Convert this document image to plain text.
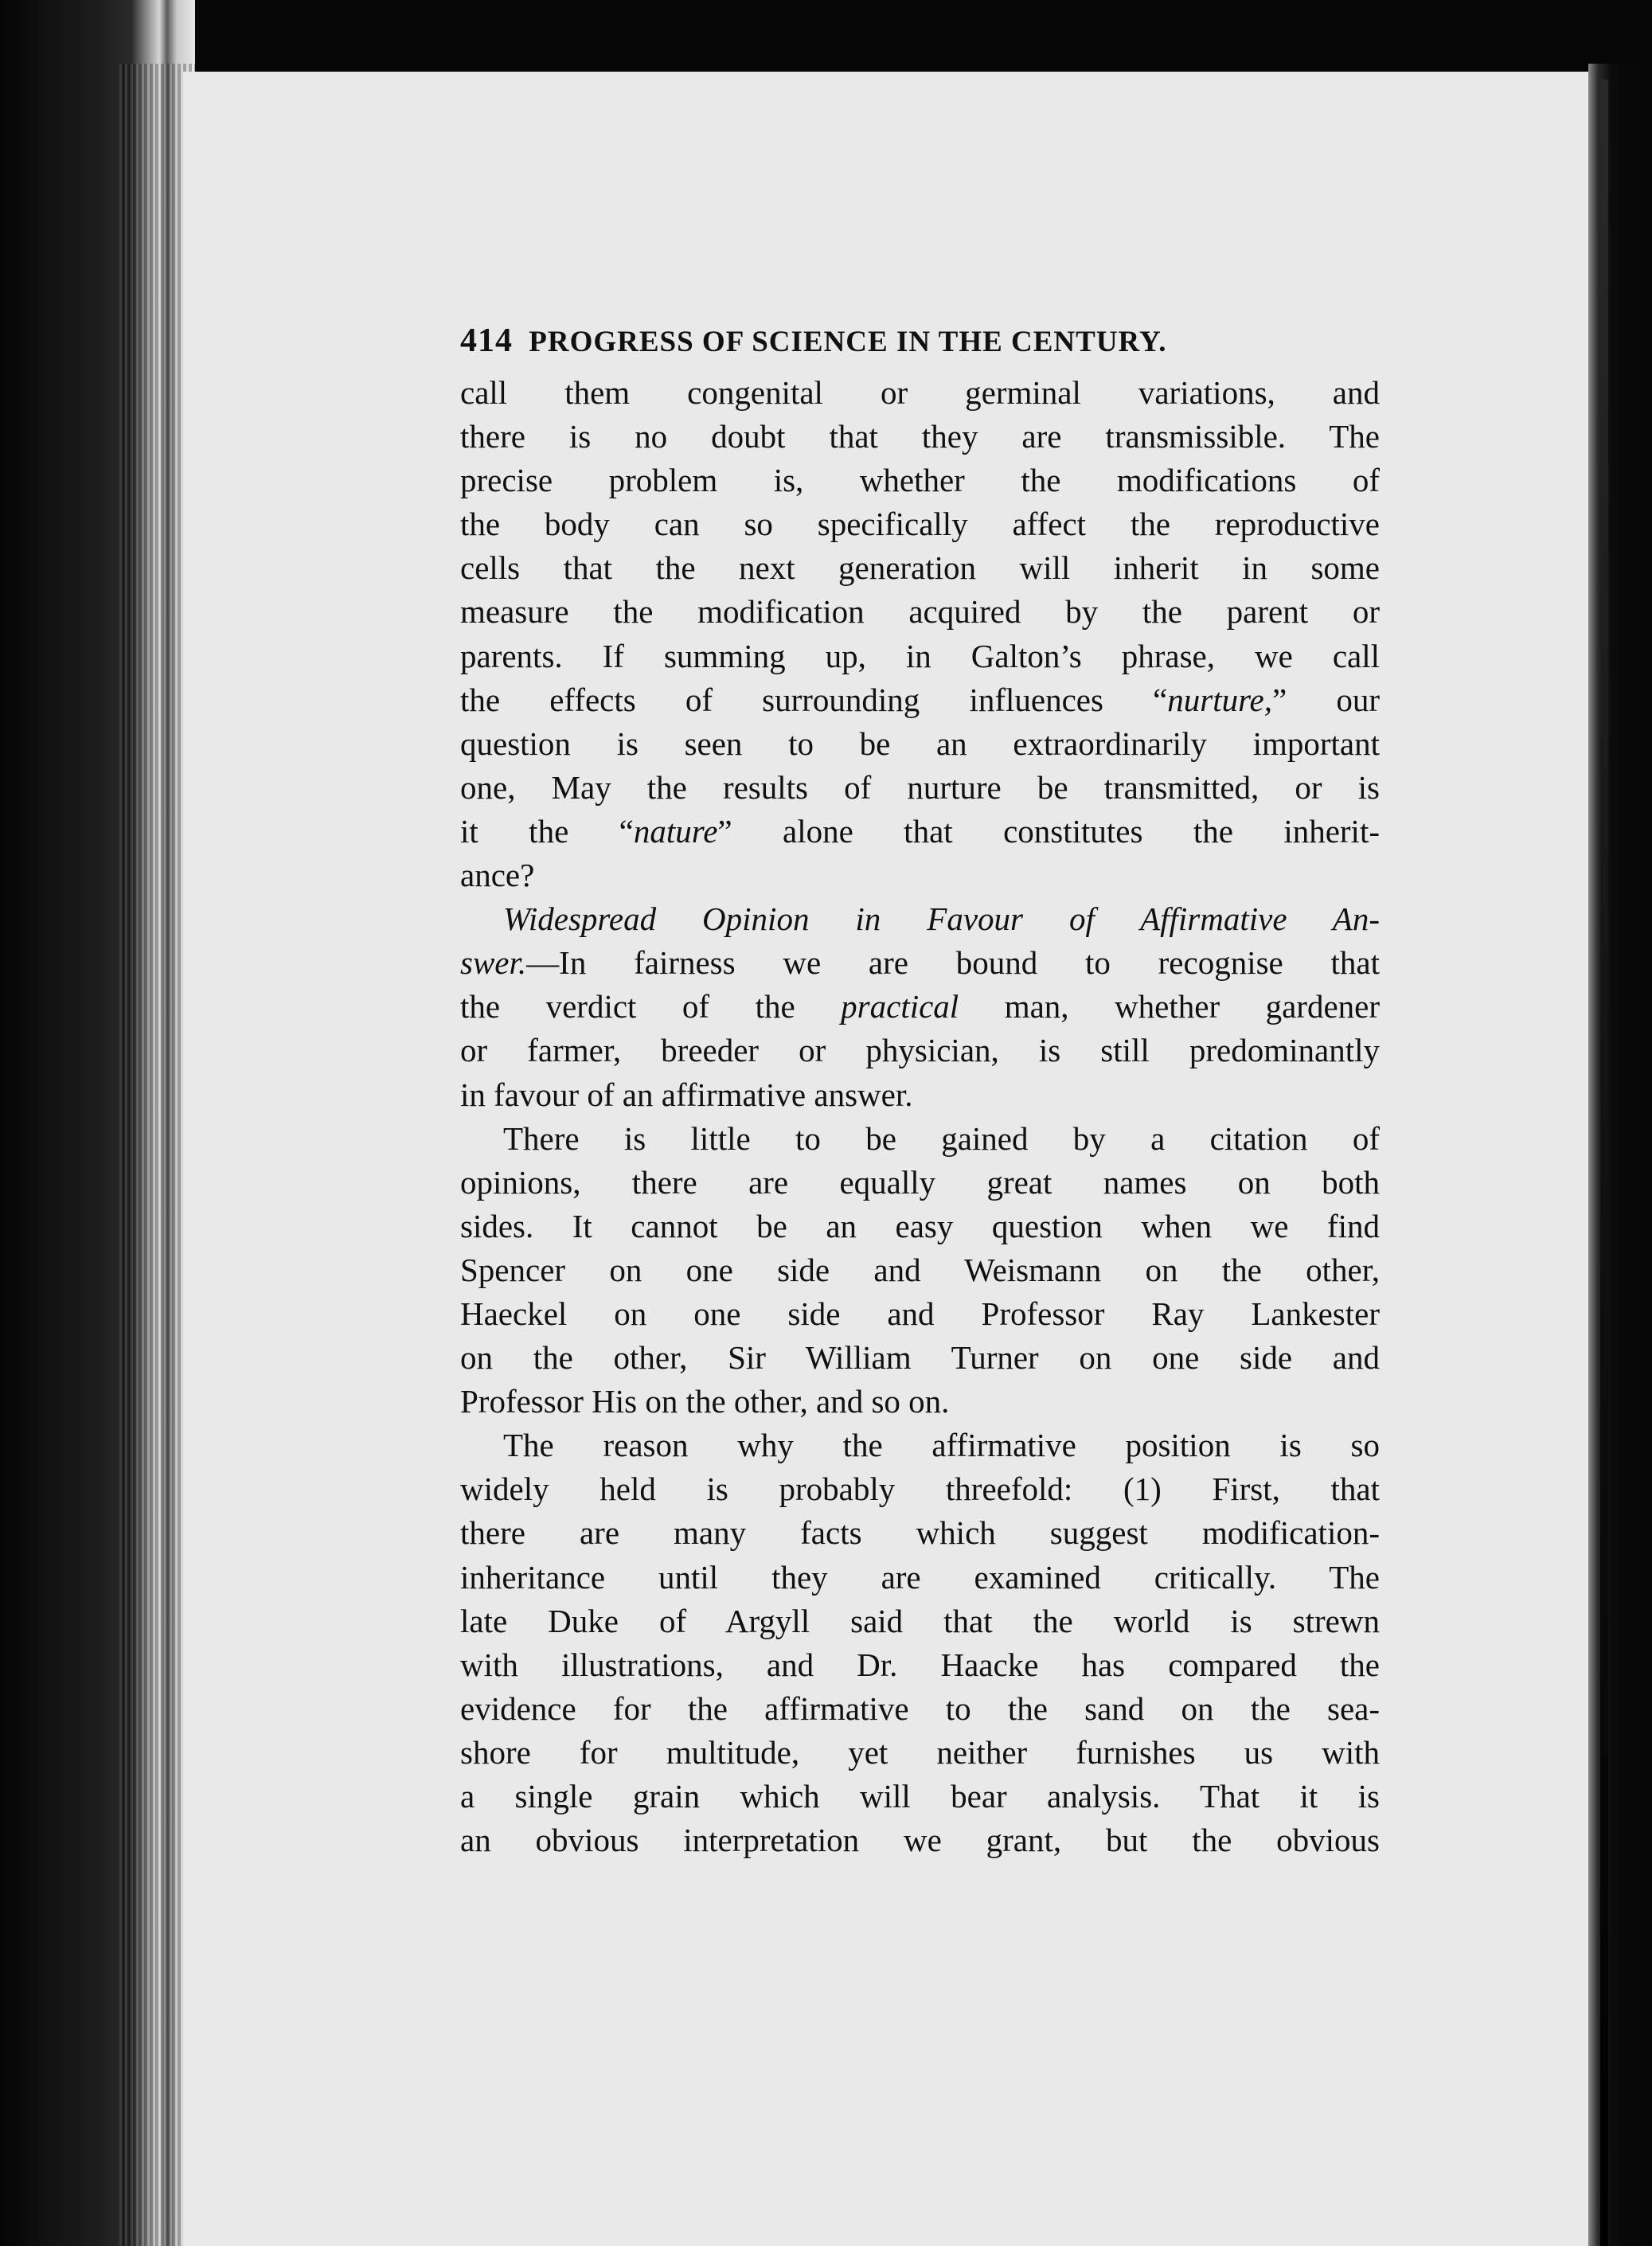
414 PROGRESS OF SCIENCE IN THE CENTURY.
call them congenital or germinal variations, and
there is no doubt that they are transmissible. The
precise problem is, whether the modifications of
the body can so specifically affect the reproductive
cells that the next generation will inherit in some
measure the modification acquired by the parent or
parents. If summing up, in Galton’s phrase, we call
the effects of surrounding influences “nurture,” our
question is seen to be an extraordinarily important
one, May the results of nurture be transmitted, or is
it the “nature” alone that constitutes the inherit-
ance?
Widespread Opinion in Favour of Affirmative An-
swer.—In fairness we are bound to recognise that
the verdict of the practical man, whether gardener
or farmer, breeder or physician, is still predominantly
in favour of an affirmative answer.
There is little to be gained by a citation of
opinions, there are equally great names on both
sides. It cannot be an easy question when we find
Spencer on one side and Weismann on the other,
Haeckel on one side and Professor Ray Lankester
on the other, Sir William Turner on one side and
Professor His on the other, and so on.
The reason why the affirmative position is so
widely held is probably threefold: (1) First, that
there are many facts which suggest modification-
inheritance until they are examined critically. The
late Duke of Argyll said that the world is strewn
with illustrations, and Dr. Haacke has compared the
evidence for the affirmative to the sand on the sea-
shore for multitude, yet neither furnishes us with
a single grain which will bear analysis. That it is
an obvious interpretation we grant, but the obvious
